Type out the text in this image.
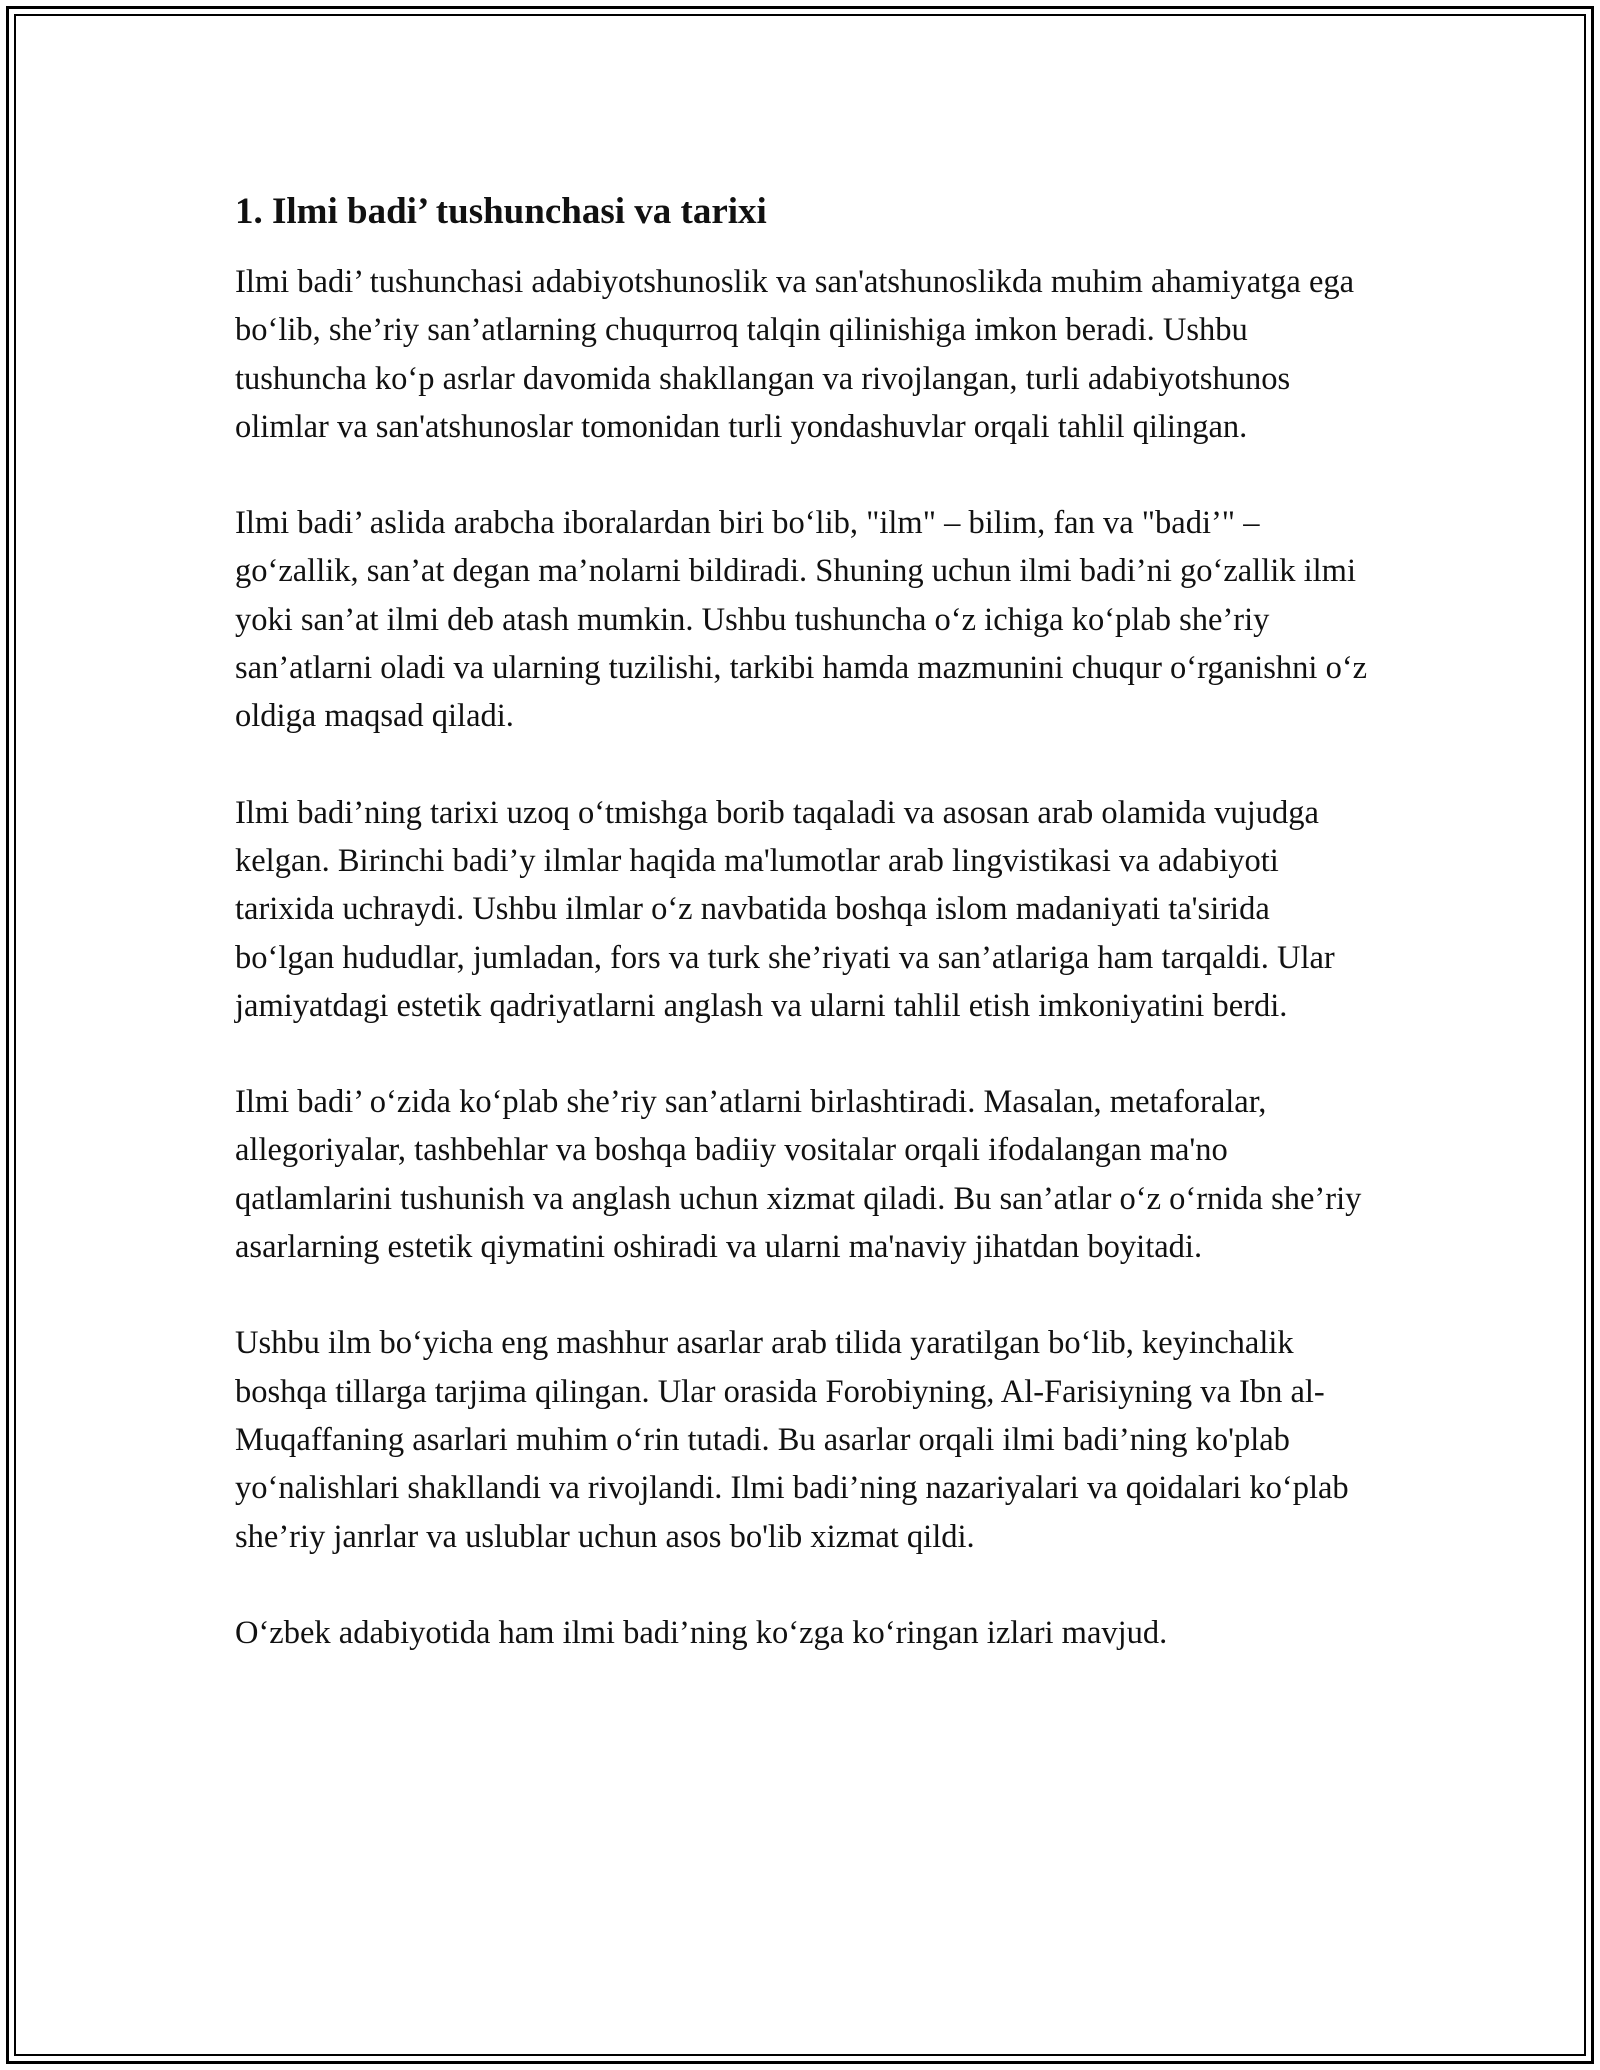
1. Ilmi badi’ tushunchasi va tarixi

Ilmi badi’ tushunchasi adabiyotshunoslik va san'atshunoslikda muhim ahamiyatga ega bo‘lib, she’riy san’atlarning chuqurroq talqin qilinishiga imkon beradi. Ushbu tushuncha ko‘p asrlar davomida shakllangan va rivojlangan, turli adabiyotshunos olimlar va san'atshunoslar tomonidan turli yondashuvlar orqali tahlil qilingan.

Ilmi badi’ aslida arabcha iboralardan biri bo‘lib, "ilm" – bilim, fan va "badi’" – go‘zallik, san’at degan ma’nolarni bildiradi. Shuning uchun ilmi badi’ni go‘zallik ilmi yoki san’at ilmi deb atash mumkin. Ushbu tushuncha o‘z ichiga ko‘plab she’riy san’atlarni oladi va ularning tuzilishi, tarkibi hamda mazmunini chuqur o‘rganishni o‘z oldiga maqsad qiladi.

Ilmi badi’ning tarixi uzoq o‘tmishga borib taqaladi va asosan arab olamida vujudga kelgan. Birinchi badi’y ilmlar haqida ma'lumotlar arab lingvistikasi va adabiyoti tarixida uchraydi. Ushbu ilmlar o‘z navbatida boshqa islom madaniyati ta'sirida bo‘lgan hududlar, jumladan, fors va turk she’riyati va san’atlariga ham tarqaldi. Ular jamiyatdagi estetik qadriyatlarni anglash va ularni tahlil etish imkoniyatini berdi.

Ilmi badi’ o‘zida ko‘plab she’riy san’atlarni birlashtiradi. Masalan, metaforalar, allegoriyalar, tashbehlar va boshqa badiiy vositalar orqali ifodalangan ma'no qatlamlarini tushunish va anglash uchun xizmat qiladi. Bu san’atlar o‘z o‘rnida she’riy asarlarning estetik qiymatini oshiradi va ularni ma'naviy jihatdan boyitadi.

Ushbu ilm bo‘yicha eng mashhur asarlar arab tilida yaratilgan bo‘lib, keyinchalik boshqa tillarga tarjima qilingan. Ular orasida Forobiyning, Al-Farisiyning va Ibn al-Muqaffaning asarlari muhim o‘rin tutadi. Bu asarlar orqali ilmi badi’ning ko'plab yo‘nalishlari shakllandi va rivojlandi. Ilmi badi’ning nazariyalari va qoidalari ko‘plab she’riy janrlar va uslublar uchun asos bo'lib xizmat qildi.

O‘zbek adabiyotida ham ilmi badi’ning ko‘zga ko‘ringan izlari mavjud.
